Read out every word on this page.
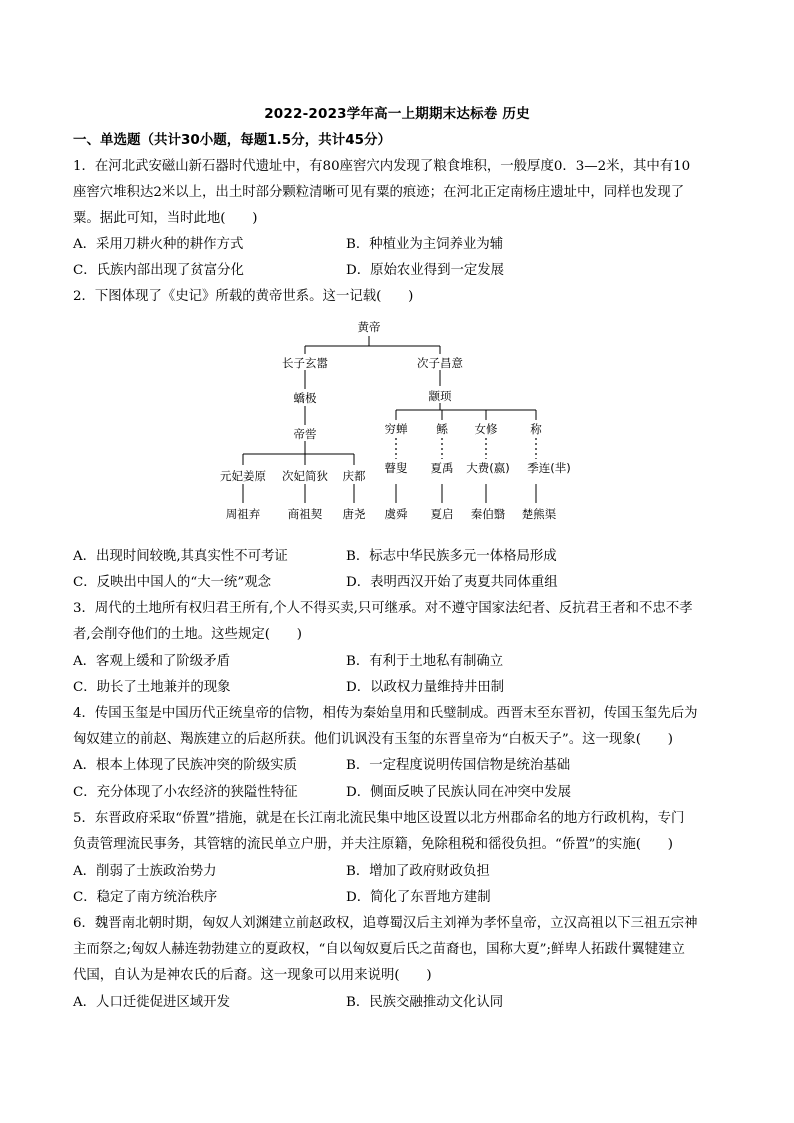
2022-2023学年高一上期期末达标卷 历史
一、单选题（共计30小题，每题1.5分，共计45分）
1．在河北武安磁山新石器时代遗址中，有80座窖穴内发现了粮食堆积，一般厚度0．3—2米，其中有10
座窖穴堆积达2米以上，出土时部分颗粒清晰可见有粟的痕迹；在河北正定南杨庄遗址中，同样也发现了
粟。据此可知，当时此地(　　)
A．采用刀耕火种的耕作方式	B．种植业为主饲养业为辅
C．氏族内部出现了贫富分化	D．原始农业得到一定发展
2．下图体现了《史记》所载的黄帝世系。这一记载(　　)
黄帝
长子玄嚣	次子昌意
蟜极	颛顼
帝喾
元妃姜原 次妃简狄 庆都
周祖弃 商祖契 唐尧
穷蝉	鲧 女修	称
瞽叟 夏禹 大费(嬴) 季连(芈)
虞舜 夏启 秦伯翳 楚熊渠
A．出现时间较晚,其真实性不可考证	B．标志中华民族多元一体格局形成
C．反映出中国人的“大一统”观念	D．表明西汉开始了夷夏共同体重组
3．周代的土地所有权归君王所有,个人不得买卖,只可继承。对不遵守国家法纪者、反抗君王者和不忠不孝
者,会削夺他们的土地。这些规定(　　)
A．客观上缓和了阶级矛盾	B．有利于土地私有制确立
C．助长了土地兼并的现象	D．以政权力量维持井田制
4．传国玉玺是中国历代正统皇帝的信物，相传为秦始皇用和氏璧制成。西晋末至东晋初，传国玉玺先后为
匈奴建立的前赵、羯族建立的后赵所获。他们讥讽没有玉玺的东晋皇帝为“白板天子”。这一现象(　　)
A．根本上体现了民族冲突的阶级实质	B．一定程度说明传国信物是统治基础
C．充分体现了小农经济的狭隘性特征	D．侧面反映了民族认同在冲突中发展
5．东晋政府采取“侨置”措施，就是在长江南北流民集中地区设置以北方州郡命名的地方行政机构，专门
负责管理流民事务，其管辖的流民单立户册，并夫注原籍，免除租税和徭役负担。“侨置”的实施(　　)
A．削弱了士族政治势力	B．增加了政府财政负担
C．稳定了南方统治秩序	D．简化了东晋地方建制
6．魏晋南北朝时期，匈奴人刘渊建立前赵政权，追尊蜀汉后主刘禅为孝怀皇帝，立汉高祖以下三祖五宗神
主而祭之;匈奴人赫连勃勃建立的夏政权，“自以匈奴夏后氏之苗裔也，国称大夏”;鲜卑人拓跋什翼犍建立
代国，自认为是神农氏的后裔。这一现象可以用来说明(　　)
A．人口迁徙促进区域开发	B．民族交融推动文化认同
